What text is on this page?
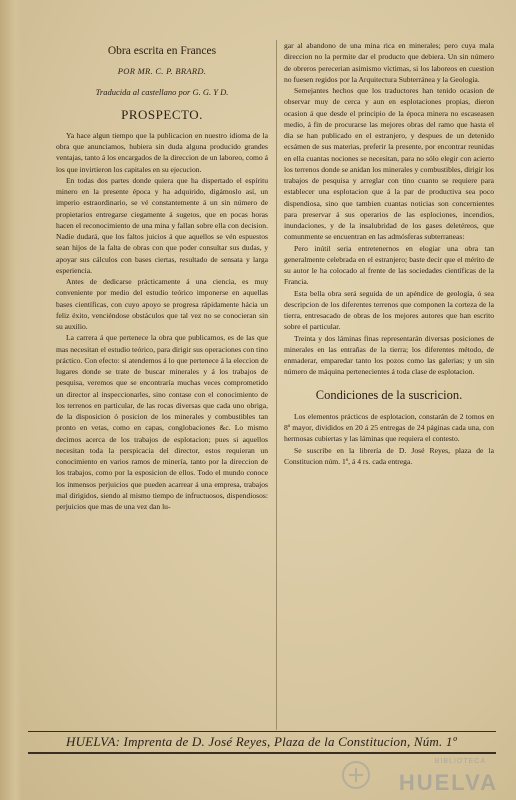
Obra escrita en Frances

POR MR. C. P. BRARD.

Traducida al castellano por G. G. Y D.

PROSPECTO.

Ya hace algun tiempo que la publicacion en nuestro idioma de la obra que anunciamos, hubiera sin duda alguna producido grandes ventajas, tanto á los encargados de la direccion de un laboreo, como á los que invirtieron los capitales en su ejecucion.

En todas dos partes donde quiera que ha dispertado el espíritu minero en la presente época y ha adquirido, digámoslo así, un imperio estraordinario, se vé constantemente á un sin número de propietarios entregarse ciegamente á sugetos, que en pocas horas hacen el reconocimiento de una mina y fallan sobre ella con decision. Nadie dudará, que los faltos juicios á que aquellos se vén espuestos sean hijos de la falta de obras con que poder consultar sus dudas, y apoyar sus cálculos con bases ciertas, resultado de sensata y larga esperiencia.

Antes de dedicarse prácticamente á una ciencia, es muy conveniente por medio del estudio teórico imponerse en aquellas bases científicas, con cuyo apoyo se progresa rápidamente hácia un feliz éxito, venciéndose obstáculos que tal vez no se conocieran sin su auxilio.

La carrera á que pertenece la obra que publicamos, es de las que mas necesitan el estudio teórico, para dirigir sus operaciones con tino práctico. Con efecto: si atendemos á lo que pertenece á la eleccion de lugares donde se trate de buscar minerales y á los trabajos de pesquisa, veremos que se encontraría muchas veces comprometido un director al inspeccionarles, sino contase con el conocimiento de los terrenos en particular, de las rocas diversas que cada uno obriga, de la disposicion ó posicion de los minerales y combustibles tan pronto en vetas, como en capas, conglobaciones &c. Lo mismo decimos acerca de los trabajos de esplotacion; pues si aquellos necesitan toda la perspicacia del director, estos requieran un conocimiento en varios ramos de minería, tanto por la direccion de los trabajos, como por la esposicion de ellos. Todo el mundo conoce los inmensos perjuicios que pueden acarrear á una empresa, trabajos mal dirigidos, siendo al mismo tiempo de infructuosos, dispendiosos: perjuicios que mas de una vez dan lu-

gar al abandono de una mina rica en minerales; pero cuya mala direccion no la permite dar el producto que debiera. Un sin número de obreros perecerian asimismo víctimas, si los laboreos en cuestion no fuesen regidos por la Arquitectura Subterránea y la Geología.

Semejantes hechos que los traductores han tenido ocasion de observar muy de cerca y aun en esplotaciones propias, dieron ocasion á que desde el principio de la época minera no escaseasen medio, á fin de procurarse las mejores obras del ramo que hasta el dia se han publicado en el estranjero, y despues de un detenido ecsámen de sus materias, preferir la presente, por encontrar reunidas en ella cuantas nociones se necesitan, para no sólo elegir con acierto los terrenos donde se anidan los minerales y combustibles, dirigir los trabajos de pesquisa y arreglar con tino cuanto se requiere para establecer una esplotacion que á la par de productiva sea poco dispendiosa, sino que tambien cuantas noticias son concernientes para preservar á sus operarios de las esplociones, incendios, inundaciones, y de la insalubridad de los gases deletéreos, que comunmente se encuentran en las admósferas subterraneas:

Pero inútil seria entretenernos en elogiar una obra tan generalmente celebrada en el estranjero; baste decir que el mérito de su autor le ha colocado al frente de las sociedades científicas de la Francia.

Esta bella obra será seguida de un apéndice de geología, ó sea descripcion de los diferentes terrenos que componen la corteza de la tierra, entresacado de obras de los mejores autores que han escrito sobre el particular.

Treinta y dos láminas finas representarán diversas posiciones de minerales en las entrañas de la tierra; los diferentes método, de enmaderar, emparedar tanto los pozos como las galerias; y un sin número de máquina pertenecientes á toda clase de esplotacion.

Condiciones de la suscricion.

Los elementos prácticos de esplotacion, constarán de 2 tomos en 8º mayor, divididos en 20 á 25 entregas de 24 páginas cada una, con hermosas cubiertas y las láminas que requiera el contesto.

Se suscribe en la librería de D. José Reyes, plaza de la Constitucion núm. 1º, á 4 rs. cada entrega.

HUELVA: Imprenta de D. José Reyes, Plaza de la Constitucion, Núm. 1º
BIBLIOTECA
HUELVA
